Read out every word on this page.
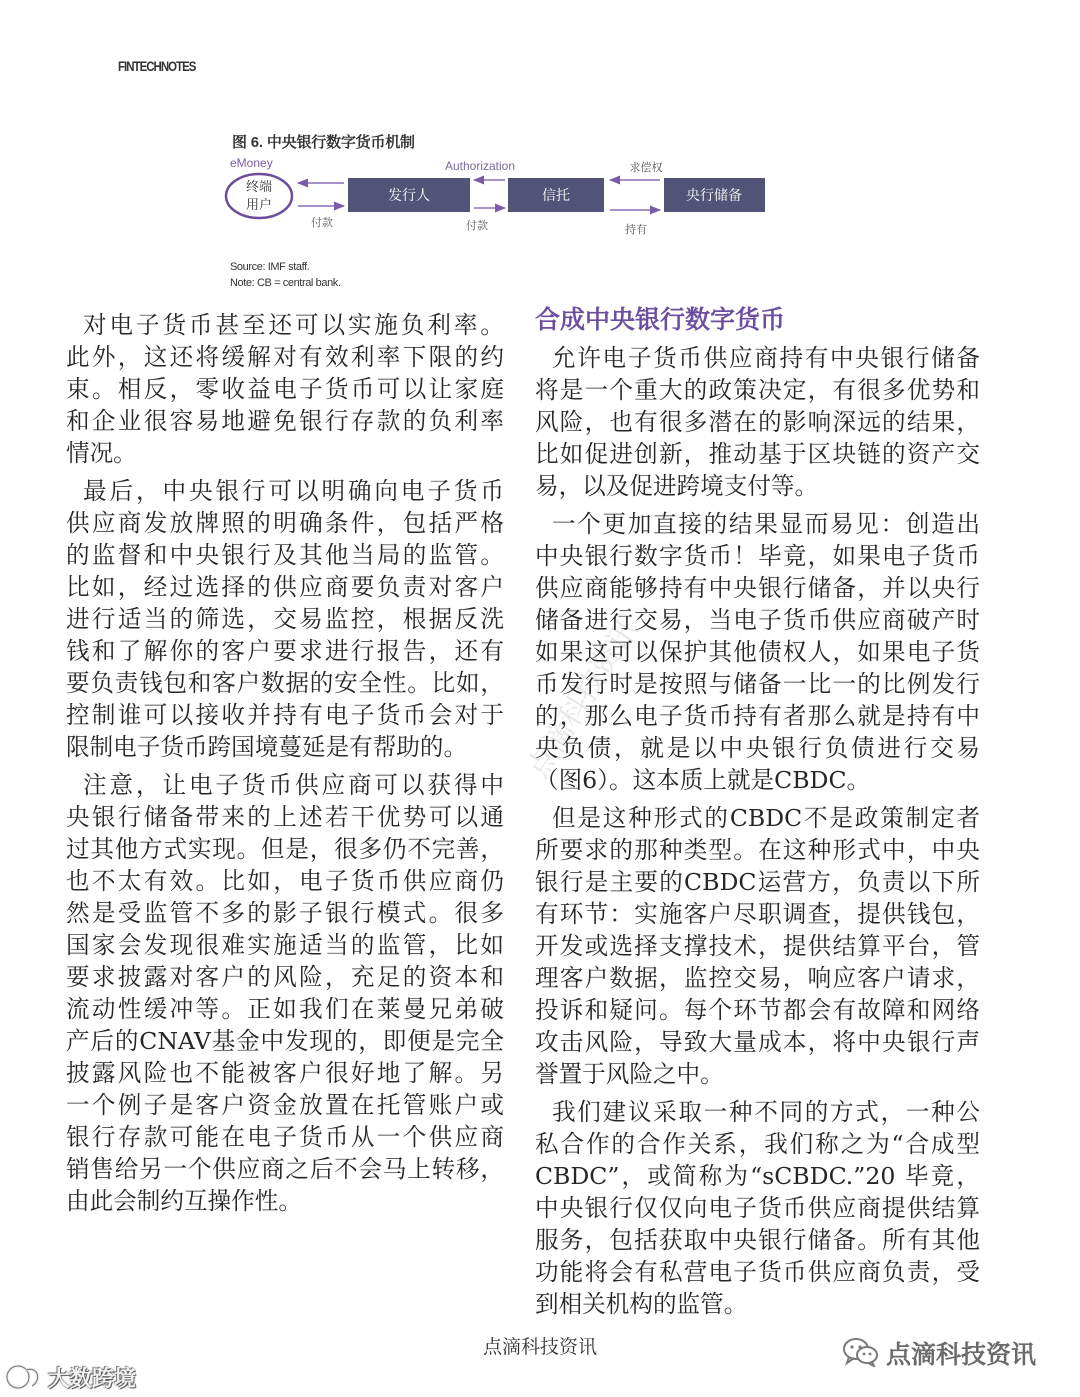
FINTECHNOTES
图 6. 中央银行数字货币机制
eMoney
终端
用户
发行人	信托	央行储备
付款
Authorization
付款
求偿权
持有
Source: IMF staff.
Note: CB = central bank.
点滴科技资讯
对电子货币甚至还可以实施负利率。
此外，这还将缓解对有效利率下限的约
束。相反，零收益电子货币可以让家庭
和企业很容易地避免银行存款的负利率
情况。
最后，中央银行可以明确向电子货币
供应商发放牌照的明确条件，包括严格
的监督和中央银行及其他当局的监管。
比如，经过选择的供应商要负责对客户
进行适当的筛选，交易监控，根据反洗
钱和了解你的客户要求进行报告，还有
要负责钱包和客户数据的安全性。比如，
控制谁可以接收并持有电子货币会对于
限制电子货币跨国境蔓延是有帮助的。
注意，让电子货币供应商可以获得中
央银行储备带来的上述若干优势可以通
过其他方式实现。但是，很多仍不完善，
也不太有效。比如，电子货币供应商仍
然是受监管不多的影子银行模式。很多
国家会发现很难实施适当的监管，比如
要求披露对客户的风险，充足的资本和
流动性缓冲等。正如我们在莱曼兄弟破
产后的CNAV基金中发现的，即便是完全
披露风险也不能被客户很好地了解。另
一个例子是客户资金放置在托管账户或
银行存款可能在电子货币从一个供应商
销售给另一个供应商之后不会马上转移，
由此会制约互操作性。
合成中央银行数字货币
允许电子货币供应商持有中央银行储备
将是一个重大的政策决定，有很多优势和
风险，也有很多潜在的影响深远的结果，
比如促进创新，推动基于区块链的资产交
易，以及促进跨境支付等。
一个更加直接的结果显而易见：创造出
中央银行数字货币！毕竟，如果电子货币
供应商能够持有中央银行储备，并以央行
储备进行交易，当电子货币供应商破产时
如果这可以保护其他债权人，如果电子货
币发行时是按照与储备一比一的比例发行
的，那么电子货币持有者那么就是持有中
央负债，就是以中央银行负债进行交易
（图6）。这本质上就是CBDC。
但是这种形式的CBDC不是政策制定者
所要求的那种类型。在这种形式中，中央
银行是主要的CBDC运营方，负责以下所
有环节：实施客户尽职调查，提供钱包，
开发或选择支撑技术，提供结算平台，管
理客户数据，监控交易，响应客户请求，
投诉和疑问。每个环节都会有故障和网络
攻击风险，导致大量成本，将中央银行声
誉置于风险之中。
我们建议采取一种不同的方式，一种公
私合作的合作关系，我们称之为“合成型
CBDC”，或简称为“sCBDC.”20 毕竟，
中央银行仅仅向电子货币供应商提供结算
服务，包括获取中央银行储备。所有其他
功能将会有私营电子货币供应商负责，受
到相关机构的监管。
点滴科技资讯	点滴科技资讯
大数跨境
